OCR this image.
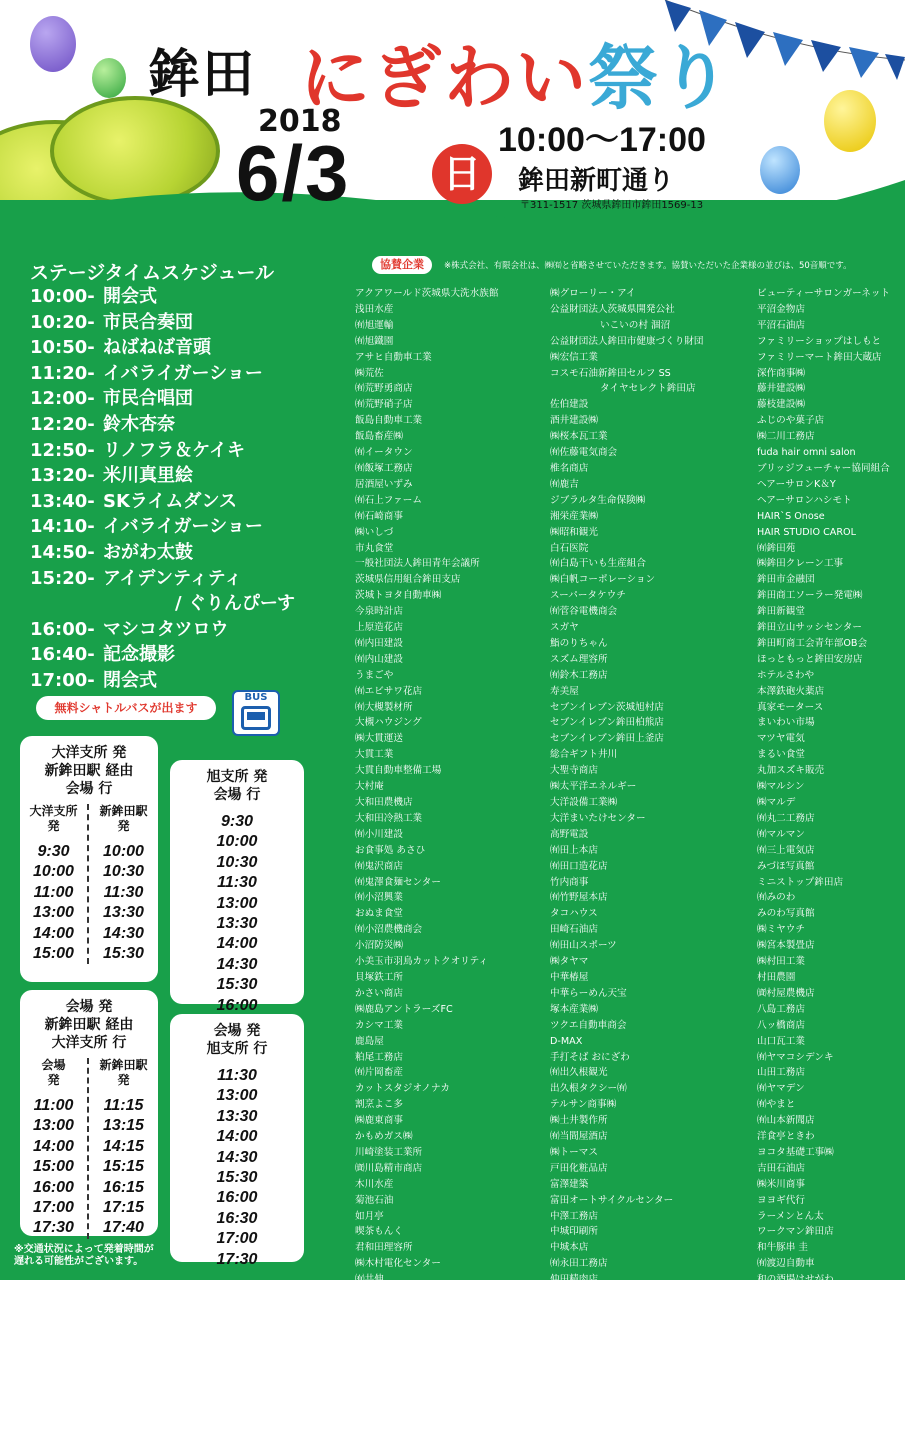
鉾田 にぎわい祭り
2018
6/3 日
10:00～17:00
鉾田新町通り
〒311-1517 茨城県鉾田市鉾田1569-13
ステージタイムスケジュール
10:00- 開会式
10:20- 市民合奏団
10:50- ねばねば音頭
11:20- イバライガーショー
12:00- 市民合唱団
12:20- 鈴木杏奈
12:50- リノフラ＆ケイキ
13:20- 米川真里絵
13:40- SKライムダンス
14:10- イバライガーショー
14:50- おがわ太鼓
15:20- アイデンティティ
　　　　/ ぐりんぴーす
16:00- マシコタツロウ
16:40- 記念撮影
17:00- 閉会式
無料シャトルバスが出ます
BUS
大洋支所 発
新鉾田駅 経由
会場 行
大洋支所
発
9:30
10:00
11:00
13:00
14:00
15:00
新鉾田駅
発
10:00
10:30
11:30
13:30
14:30
15:30
旭支所 発
会場 行
9:30
10:00
10:30
11:30
13:00
13:30
14:00
14:30
15:30
16:00
会場 発
新鉾田駅 経由
大洋支所 行
会場
発
11:00
13:00
14:00
15:00
16:00
17:00
17:30
新鉾田駅
発
11:15
13:15
14:15
15:15
16:15
17:15
17:40
会場 発
旭支所 行
11:30
13:00
13:30
14:00
14:30
15:30
16:00
16:30
17:00
17:30
※交通状況によって発着時間が
遅れる可能性がございます。
協賛企業	※株式会社、有限会社は、㈱㈲と省略させていただきます。協賛いただいた企業様の並びは、50音順です。
アクアワールド茨城県大洗水族館
浅田水産
㈲旭運輸
㈲旭鐵園
アサヒ自動車工業
㈱荒佐
㈲荒野勇商店
㈲荒野硝子店
飯島自動車工業
飯島畜産㈱
㈲イータウン
㈲飯塚工務店
居酒屋いずみ
㈲石上ファーム
㈲石崎商事
㈱いしづ
市丸食堂
一般社団法人鉾田青年会議所
茨城県信用組合鉾田支店
茨城トヨタ自動車㈱
今泉時計店
上原造花店
㈲内田建設
㈲内山建設
うまごや
㈲エビサワ花店
㈲大槻製材所
大槻ハウジング
㈱大貫運送
大貫工業
大貫自動車整備工場
大村庵
大和田農機店
大和田冷熱工業
㈲小川建設
お食事処 あさひ
㈲鬼沢商店
㈲鬼澤食麺センター
㈲小沼興業
おぬま食堂
㈲小沼農機商会
小沼防災㈱
小美玉市羽鳥カットクオリティ
貝塚鉄工所
かさい商店
㈱鹿島アントラーズFC
カシマ工業
鹿島屋
粕尾工務店
㈲片岡畜産
カットスタジオノナカ
割烹よこ多
㈱鹿東商事
かもめガス㈱
川崎塗装工業所
㈾川島精市商店
木川水産
菊池石油
如月亭
喫茶もんく
君和田理容所
㈱木村電化センター
㈲共伸
㈱共成レンテム
久保田石材店
くまのや
クリーナーズおおはし
㈲クリエイト
クリエイティブ青山
㈲粟田開発
グリルあらの
㈱クレスト
㈱グローリー・アイ
公益財団法人茨城県開発公社
いこいの村 涸沼
公益財団法人鉾田市健康づくり財団
㈱宏信工業
コスモ石油新鉾田セルフ SS
タイヤセレクト鉾田店
佐伯建設
酒井建設㈱
㈱桜本瓦工業
㈲佐藤電気商会
椎名商店
㈲鹿吉
ジブラルタ生命保険㈱
湘栄産業㈱
㈱昭和観光
白石医院
㈲白島干いも生産組合
㈱白帆コーポレーション
スーパータケウチ
㈲菅谷電機商会
スガヤ
鮨のりちゃん
スズム理容所
㈲鈴木工務店
寿美屋
セブンイレブン茨城旭村店
セブンイレブン鉾田柏熊店
セブンイレブン鉾田上釜店
総合ギフト井川
大聖寺商店
㈱太平洋エネルギー
大洋設備工業㈱
大洋まいたけセンター
高野電設
㈲田上本店
㈲田口造花店
竹内商事
㈲竹野屋本店
タコハウス
田崎石油店
㈲田山スポーツ
㈱タヤマ
中華椿屋
中華らーめん天宝
塚本産業㈱
ツクエ自動車商会
D-MAX
手打そば おにざわ
㈲出久根観光
出久根タクシー㈲
テルサン商事㈱
㈱土井製作所
㈲当間屋酒店
㈱トーマス
戸田化粧品店
富澤建築
富田オートサイクルセンター
中澤工務店
中城印刷所
中城本店
㈲永田工務店
仲田精肉店
㈲中根鮮魚店
㈱長峰商店
中山材木店
永山建具店
萩谷建築
白栄舎
㈲ハシモト
花の店 田口
パン工房 登香館
日野自動車鉾田工場
ビューティーサロンガーネット
平沼金物店
平沼石油店
ファミリーショップはしもと
ファミリーマート鉾田大蔵店
深作商事㈱
藤井建設㈱
藤枝建設㈱
ふじのや菓子店
㈱二川工務店
fuda hair omni salon
ブリッジフューチャー協同組合
ヘアーサロンK＆Y
ヘアーサロンハシモト
HAIR`S Onose
HAIR STUDIO CAROL
㈲鉾田苑
㈱鉾田クレーン工事
鉾田市金融団
鉾田商工ソーラー発電㈱
鉾田新観堂
鉾田立山サッシセンター
鉾田町商工会青年部OB会
ほっともっと鉾田安房店
ホテルさわや
本澤鉄砲火薬店
真家モータース
まいわい市場
マツヤ電気
まるい食堂
丸加スズキ販売
㈱マルシン
㈱マルデ
㈲丸二工務店
㈲マルマン
㈲三上電気店
みづほ写真館
ミニストップ鉾田店
㈲みのわ
みのわ写真館
㈱ミヤウチ
㈱宮本製畳店
㈱村田工業
村田農園
㈾村屋農機店
八島工務店
八ッ橋商店
山口瓦工業
㈲ヤマコシデンキ
山田工務店
㈲ヤマデン
㈲やまと
㈲山本新聞店
洋食亭ときわ
ヨコタ基礎工事㈱
吉田石油店
㈱米川商事
ヨヨギ代行
ラーメンとん太
ワークマン鉾田店
和牛豚串 圭
㈲渡辺自動車
和の酒場はせがわ
和風レストラン嵯峨海
和風レストラン竹水
